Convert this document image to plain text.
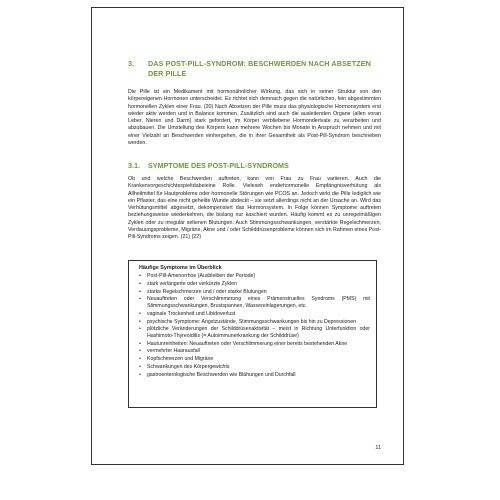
3. DAS POST-PILL-SYNDROM: BESCHWERDEN NACH ABSETZEN DER PILLE
Die Pille ist ein Medikament mit hormonähnlicher Wirkung, das sich in seiner Struktur von den körpereigenen Hormonen unterscheidet. Es richtet sich demnach gegen die natürlichen, fein abgestimmten hormonellen Zyklen einer Frau. (20) Nach Absetzen der Pille muss das physiologische Hormonsystem erst wieder aktiv werden und in Balance kommen. Zusätzlich sind auch die ausleitenden Organe (allen voran Leber, Nieren und Darm) stark gefordert, im Körper verbliebene Hormonderivate zu verarbeiten und abzubauen. Die Umstellung des Körpers kann mehrere Wochen bis Monate in Anspruch nehmen und mit einer Vielzahl an Beschwerden einhergehen, die in ihrer Gesamtheit als Post-Pill-Syndrom beschrieben werden.
3.1. SYMPTOME DES POST-PILL-SYNDROMS
Ob und welche Beschwerden auftreten, kann von Frau zu Frau variieren. Auch die Krankenvorgeschichtespieltdabeieine Rolle. Vieleseh endiehormonelle Empfängnisverhütung als Allheilmittel für Hautprobleme oder hormonelle Störungen wie PCOS an. Jedoch wirkt die Pille lediglich wie ein Pflaster, das eine nicht geheilte Wunde abdeckt – sie setzt allerdings nicht an der Ursache an. Wird das Verhütungsmittel abgesetzt, dekompensiert das Hormonsystem. In Folge können Symptome auftreten beziehungsweise wiederkehren, die bislang nur kaschiert wurden. Häufig kommt es zu unregelmäßigen Zyklen oder zu irregulär seltenen Blutungen. Auch Stimmungsschwankungen, verstärkte Regelschmerzen, Verdauungsprobleme, Migräne, Akne und / oder Schilddrüsenprobleme können sich im Rahmen eines Post-Pill-Syndroms zeigen. (21) (22)
Häufige Symptome im Überblick
• Post-Pill-Amenorrhoe (Ausbleiben der Periode)
• stark verlängerte oder verkürzte Zyklen
• starke Regelschmerzen und / oder starke Blutungen
• Neuauftreten oder Verschlimmerung eines Prämenstruelles Syndroms (PMS) mit Stimmungsschwankungen, Brustspannen, Wassereinlagerungen, etc.
• vaginale Trockenheit und Libidoverlust
• psychische Symptome: Angstzustände, Stimmungsschwankungen bis hin zu Depressionen
• plötzliche Veränderungen der Schilddrüsenaktivität – meist in Richtung Unterfunktion oder Hashimoto-Thyreoiditis (= Autoimmunerkrankung der Schilddrüse)
• Hautunreinheiten: Neuauftreten oder Verschlimmerung einer bereits bestehenden Akne
• vermehrter Haarausfall
• Kopfschmerzen und Migräne
• Schwankungen des Körpergewichts
• gastroenterologische Beschwerden wie Blähungen und Durchfall
11
